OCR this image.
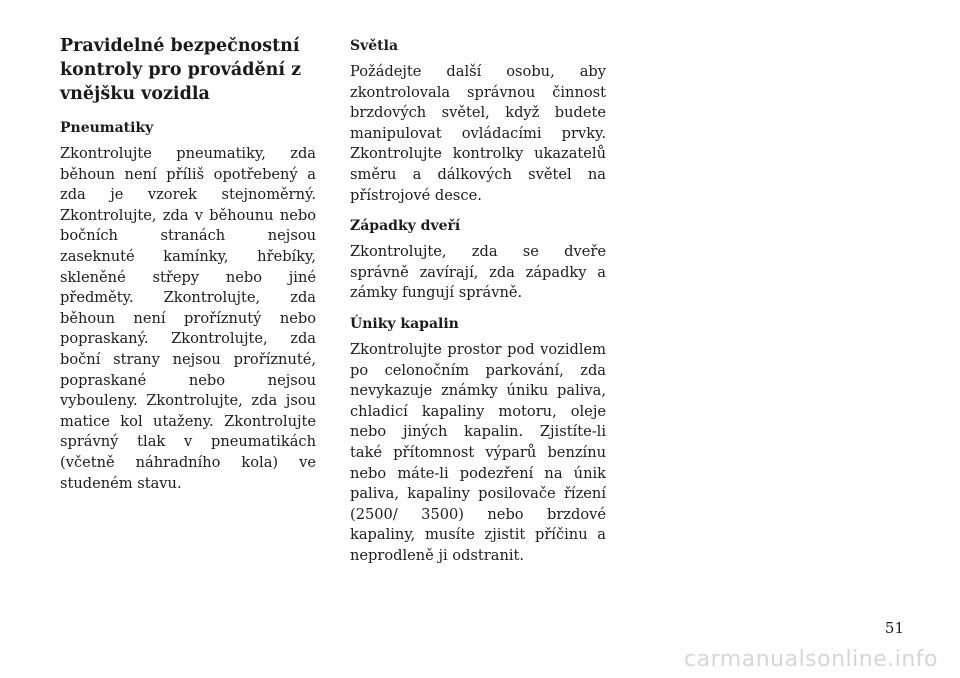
Pravidelné bezpečnostní kontroly pro provádění z vnějšku vozidla
Pneumatiky

Zkontrolujte pneumatiky, zda běhoun není příliš opotřebený a zda je vzorek stejnoměrný. Zkontrolujte, zda v běhounu nebo bočních stranách nejsou zaseknuté kamínky, hřebíky, skleněné střepy nebo jiné předměty. Zkontrolujte, zda běhoun není proříznutý nebo popraskaný. Zkontrolujte, zda boční strany nejsou proříznuté, popraskané nebo nejsou vybouleny. Zkontrolujte, zda jsou matice kol utaženy. Zkontrolujte správný tlak v pneumatikách (včetně náhradního kola) ve studeném stavu.

Světla

Požádejte další osobu, aby zkontrolovala správnou činnost brzdových světel, když budete manipulovat ovládacími prvky. Zkontrolujte kontrolky ukazatelů směru a dálkových světel na přístrojové desce.

Západky dveří

Zkontrolujte, zda se dveře správně zavírají, zda západky a zámky fungují správně.

Úniky kapalin

Zkontrolujte prostor pod vozidlem po celonočním parkování, zda nevykazuje známky úniku paliva, chladicí kapaliny motoru, oleje nebo jiných kapalin. Zjistíte-li také přítomnost výparů benzínu nebo máte-li podezření na únik paliva, kapaliny posilovače řízení (2500/ 3500) nebo brzdové kapaliny, musíte zjistit příčinu a neprodleně ji odstranit.

51
carmanualsonline.info
